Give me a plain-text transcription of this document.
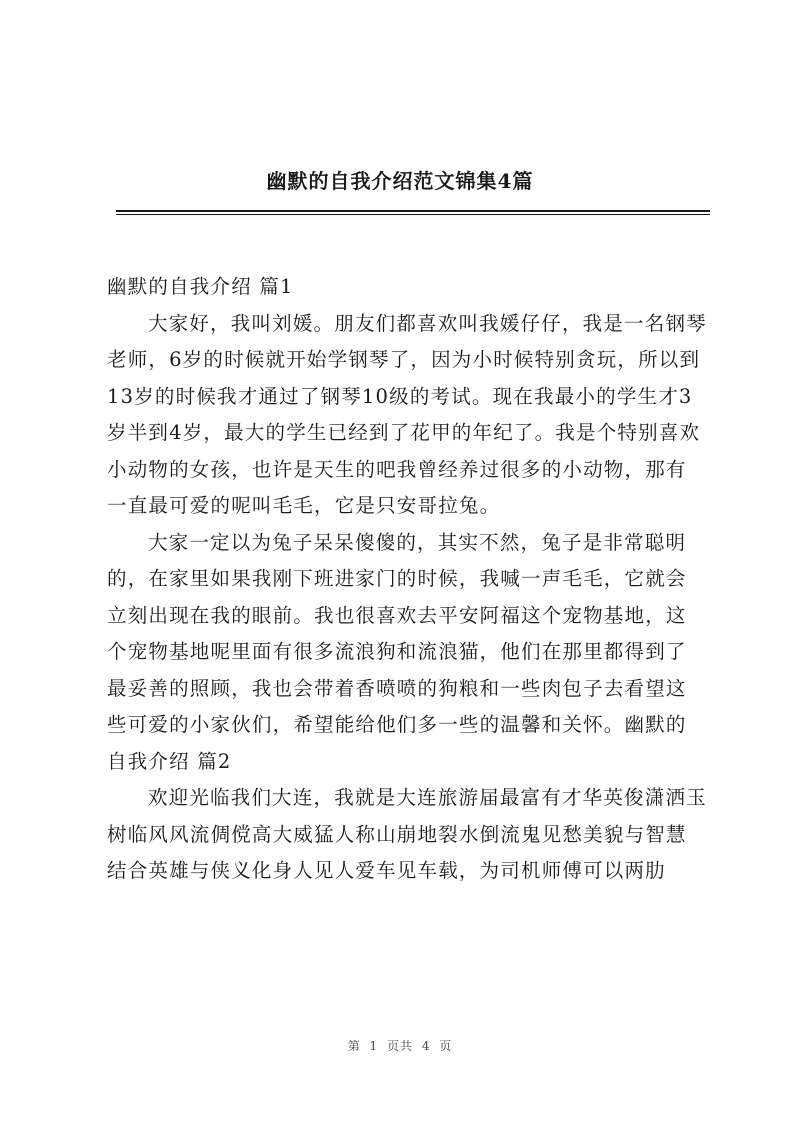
幽默的自我介绍范文锦集4篇

幽默的自我介绍 篇1

大家好，我叫刘媛。朋友们都喜欢叫我媛仔仔，我是一名钢琴老师，6岁的时候就开始学钢琴了，因为小时候特别贪玩，所以到13岁的时候我才通过了钢琴10级的考试。现在我最小的学生才3岁半到4岁，最大的学生已经到了花甲的年纪了。我是个特别喜欢小动物的女孩，也许是天生的吧我曾经养过很多的小动物，那有一直最可爱的呢叫毛毛，它是只安哥拉兔。

大家一定以为兔子呆呆傻傻的，其实不然，兔子是非常聪明的，在家里如果我刚下班进家门的时候，我喊一声毛毛，它就会立刻出现在我的眼前。我也很喜欢去平安阿福这个宠物基地，这个宠物基地呢里面有很多流浪狗和流浪猫，他们在那里都得到了最妥善的照顾，我也会带着香喷喷的狗粮和一些肉包子去看望这些可爱的小家伙们，希望能给他们多一些的温馨和关怀。幽默的自我介绍 篇2

欢迎光临我们大连，我就是大连旅游届最富有才华英俊潇洒玉树临风风流倜傥高大威猛人称山崩地裂水倒流鬼见愁美貌与智慧结合英雄与侠义化身人见人爱车见车载，为司机师傅可以两肋

第 1 页共 4 页
